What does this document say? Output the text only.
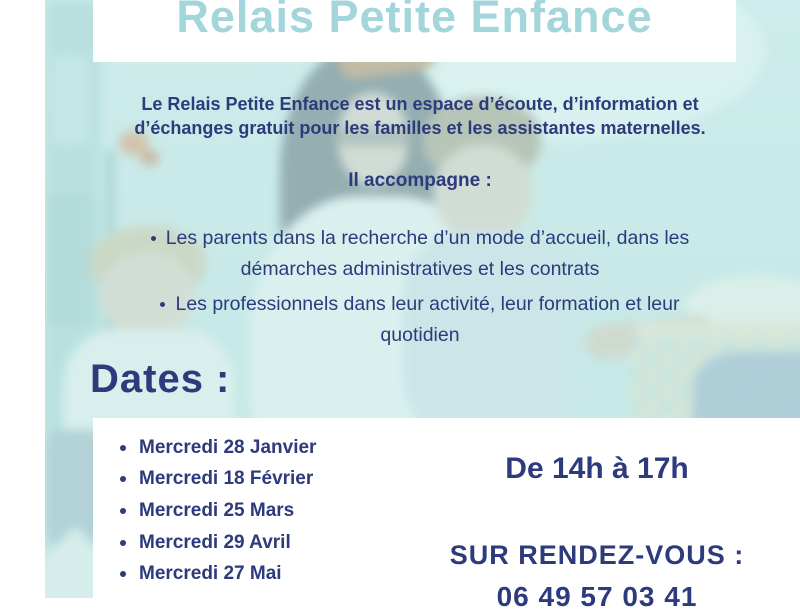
Relais Petite Enfance
Le Relais Petite Enfance est un espace d’écoute, d’information et
d’échanges gratuit pour les familles et les assistantes maternelles.
Il accompagne :
Les parents dans la recherche d’un mode d’accueil, dans les
démarches administratives et les contrats
Les professionnels dans leur activité, leur formation et leur
quotidien
Dates :
Mercredi 28 Janvier
Mercredi 18 Février
Mercredi 25 Mars
Mercredi 29 Avril
Mercredi 27 Mai
De 14h à 17h
SUR RENDEZ-VOUS :
06 49 57 03 41
